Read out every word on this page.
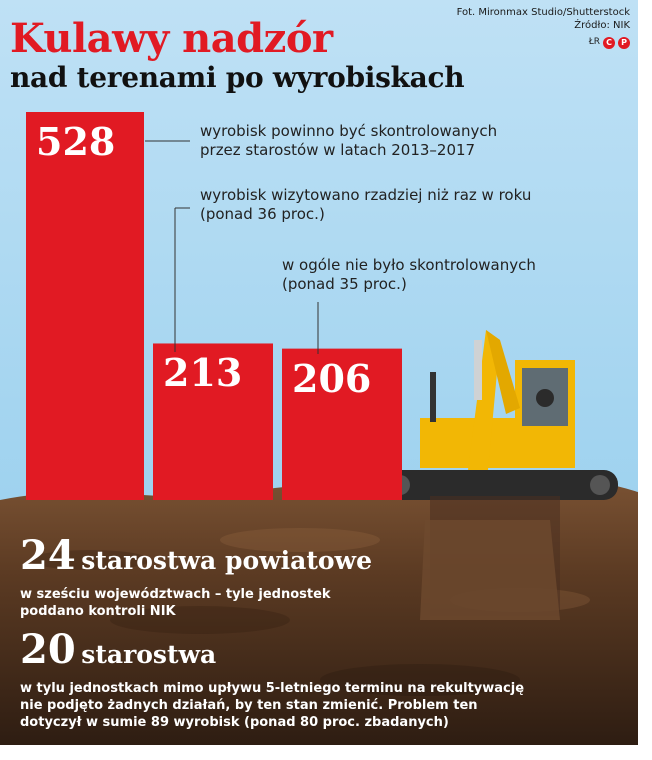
Fot. Mironmax Studio/Shutterstock
Źródło: NIK
ŁR C	P
Kulawy nadzór
nad terenami po wyrobiskach
528	wyrobisk powinno być skontrolowanych
przez starostów w latach 2013–2017
213
wyrobisk wizytowano rzadziej niż raz w roku
(ponad 36 proc.)
206
w ogóle nie było skontrolowanych
(ponad 35 proc.)
24 starostwa powiatowe
w sześciu województwach – tyle jednostek
poddano kontroli NIK
20 starostwa
w tylu jednostkach mimo upływu 5-letniego terminu na rekultywację
nie podjęto żadnych działań, by ten stan zmienić. Problem ten
dotyczył w sumie 89 wyrobisk (ponad 80 proc. zbadanych)
